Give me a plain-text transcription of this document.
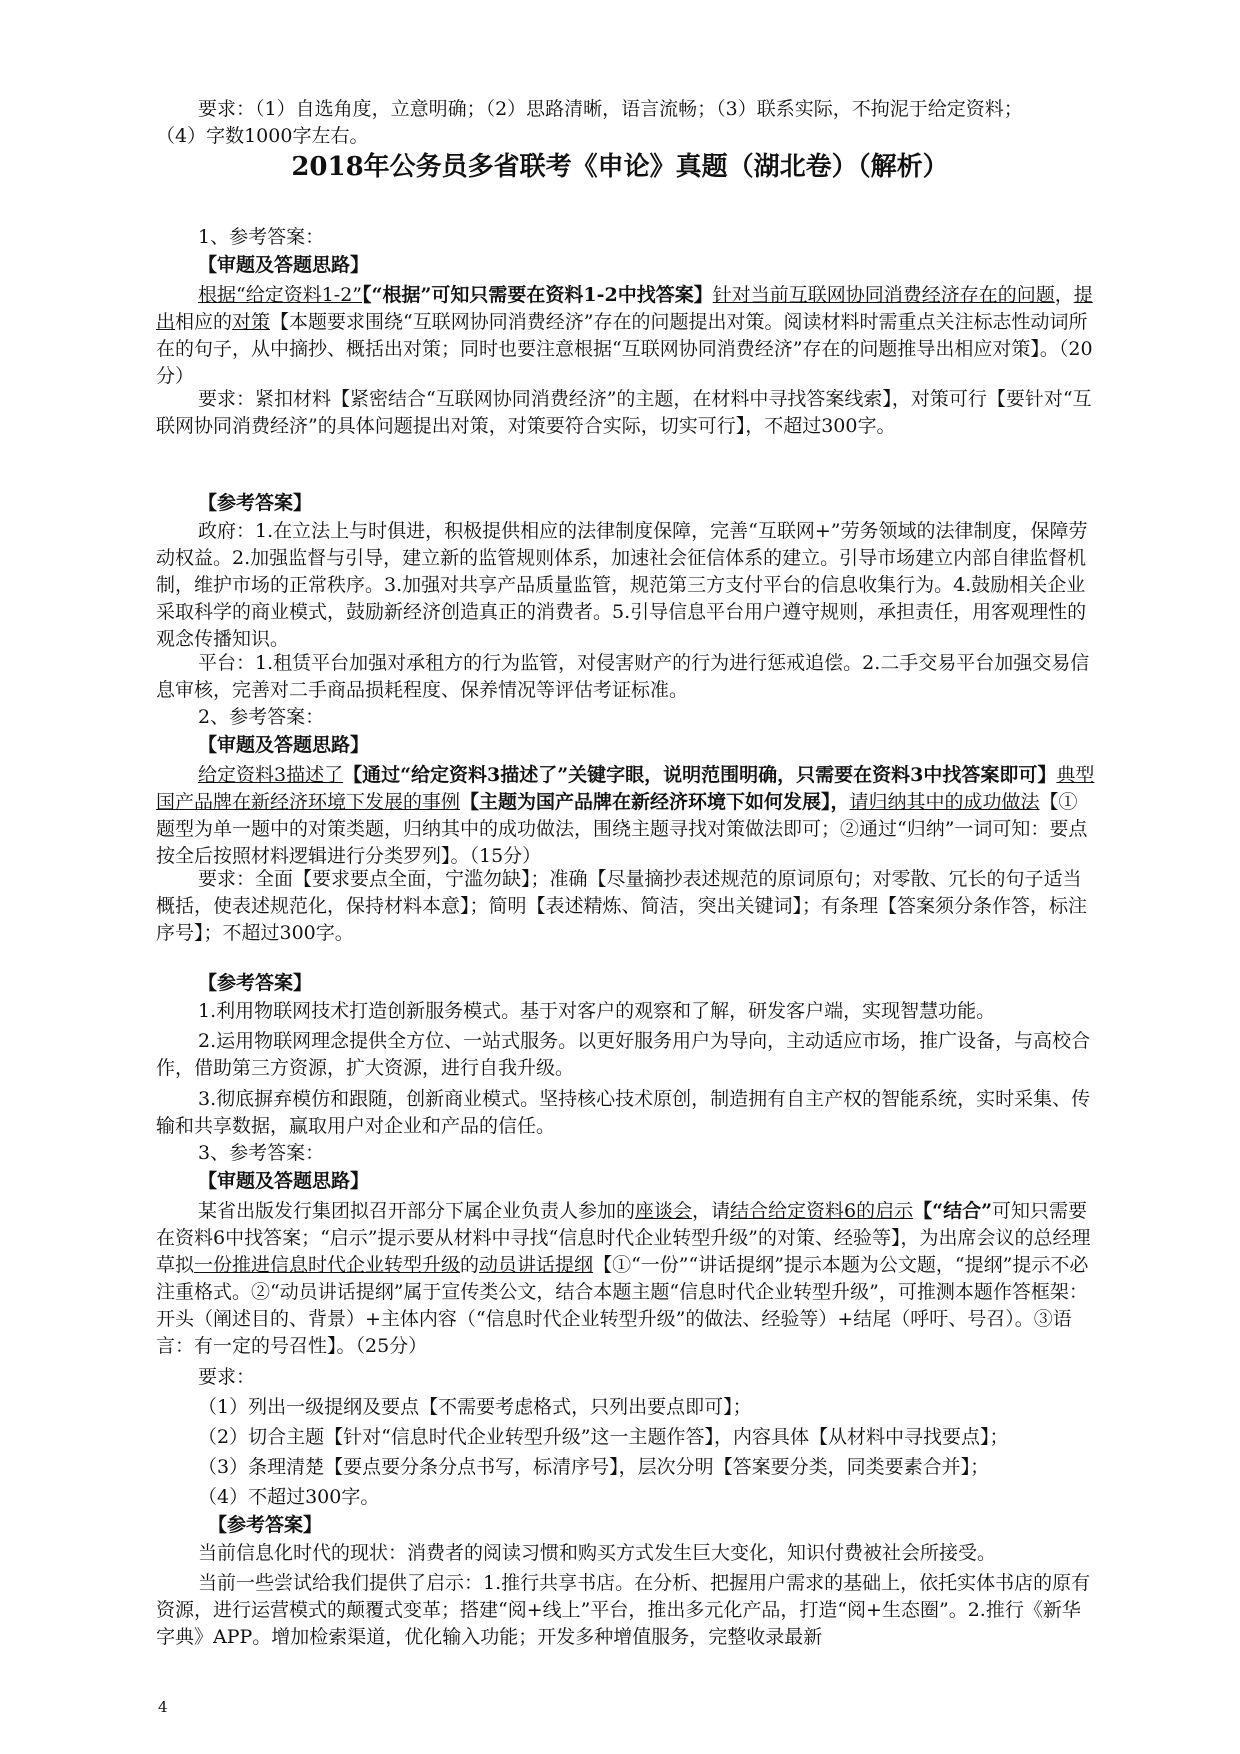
要求：（1）自选角度，立意明确；（2）思路清晰，语言流畅；（3）联系实际，不拘泥于给定资料；
（4）字数1000字左右。

2018年公务员多省联考《申论》真题（湖北卷）（解析）

1、参考答案：

【审题及答题思路】

根据“给定资料1-2”【“根据”可知只需要在资料1-2中找答案】针对当前互联网协同消费经济存在的问题，提出相应的对策【本题要求围绕“互联网协同消费经济”存在的问题提出对策。阅读材料时需重点关注标志性动词所在的句子，从中摘抄、概括出对策；同时也要注意根据“互联网协同消费经济”存在的问题推导出相应对策】。（20分）

要求：紧扣材料【紧密结合“互联网协同消费经济”的主题，在材料中寻找答案线索】，对策可行【要针对“互联网协同消费经济”的具体问题提出对策，对策要符合实际，切实可行】，不超过300字。

【参考答案】

政府：1.在立法上与时俱进，积极提供相应的法律制度保障，完善“互联网+”劳务领域的法律制度，保障劳动权益。2.加强监督与引导，建立新的监管规则体系，加速社会征信体系的建立。引导市场建立内部自律监督机制，维护市场的正常秩序。3.加强对共享产品质量监管，规范第三方支付平台的信息收集行为。4.鼓励相关企业采取科学的商业模式，鼓励新经济创造真正的消费者。5.引导信息平台用户遵守规则，承担责任，用客观理性的观念传播知识。

平台：1.租赁平台加强对承租方的行为监管，对侵害财产的行为进行惩戒追偿。2.二手交易平台加强交易信息审核，完善对二手商品损耗程度、保养情况等评估考证标准。

2、参考答案：

【审题及答题思路】

给定资料3描述了【通过“给定资料3描述了”关键字眼，说明范围明确，只需要在资料3中找答案即可】典型国产品牌在新经济环境下发展的事例【主题为国产品牌在新经济环境下如何发展】，请归纳其中的成功做法【①题型为单一题中的对策类题，归纳其中的成功做法，围绕主题寻找对策做法即可；②通过“归纳”一词可知：要点按全后按照材料逻辑进行分类罗列】。（15分）

要求：全面【要求要点全面，宁滥勿缺】；准确【尽量摘抄表述规范的原词原句；对零散、冗长的句子适当概括，使表述规范化，保持材料本意】；简明【表述精炼、简洁，突出关键词】；有条理【答案须分条作答，标注序号】；不超过300字。

【参考答案】

1.利用物联网技术打造创新服务模式。基于对客户的观察和了解，研发客户端，实现智慧功能。

2.运用物联网理念提供全方位、一站式服务。以更好服务用户为导向，主动适应市场，推广设备，与高校合作，借助第三方资源，扩大资源，进行自我升级。

3.彻底摒弃模仿和跟随，创新商业模式。坚持核心技术原创，制造拥有自主产权的智能系统，实时采集、传输和共享数据，赢取用户对企业和产品的信任。

3、参考答案：

【审题及答题思路】

某省出版发行集团拟召开部分下属企业负责人参加的座谈会，请结合给定资料6的启示【“结合”可知只需要在资料6中找答案；“启示”提示要从材料中寻找“信息时代企业转型升级”的对策、经验等】，为出席会议的总经理草拟一份推进信息时代企业转型升级的动员讲话提纲【①“一份”“讲话提纲”提示本题为公文题，“提纲”提示不必注重格式。②“动员讲话提纲”属于宣传类公文，结合本题主题“信息时代企业转型升级”，可推测本题作答框架：开头（阐述目的、背景）+主体内容（“信息时代企业转型升级”的做法、经验等）+结尾（呼吁、号召）。③语言：有一定的号召性】。（25分）

要求：

（1）列出一级提纲及要点【不需要考虑格式，只列出要点即可】；

（2）切合主题【针对“信息时代企业转型升级”这一主题作答】，内容具体【从材料中寻找要点】；

（3）条理清楚【要点要分条分点书写，标清序号】，层次分明【答案要分类，同类要素合并】；

（4）不超过300字。

【参考答案】

当前信息化时代的现状：消费者的阅读习惯和购买方式发生巨大变化，知识付费被社会所接受。

当前一些尝试给我们提供了启示：1.推行共享书店。在分析、把握用户需求的基础上，依托实体书店的原有资源，进行运营模式的颠覆式变革；搭建“阅+线上”平台，推出多元化产品，打造“阅+生态圈”。2.推行《新华字典》APP。增加检索渠道，优化输入功能；开发多种增值服务，完整收录最新

4
